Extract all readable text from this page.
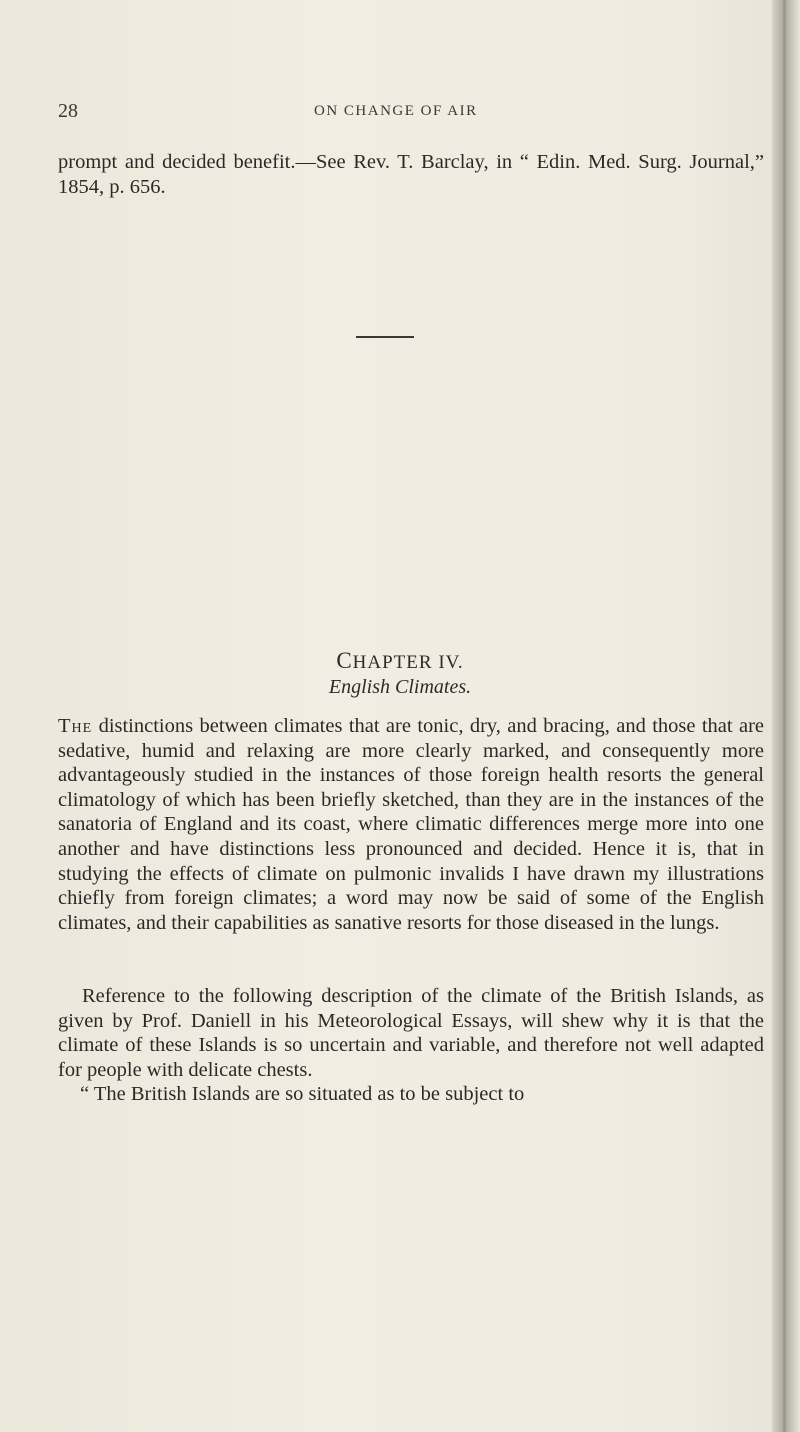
28	ON CHANGE OF AIR
prompt and decided benefit.—See Rev. T. Barclay, in “ Edin. Med. Surg. Journal,” 1854, p. 656.
CHAPTER IV.
English Climates.
The distinctions between climates that are tonic, dry, and bracing, and those that are sedative, humid and relaxing are more clearly marked, and consequently more advantageously studied in the instances of those foreign health resorts the general climatology of which has been briefly sketched, than they are in the instances of the sanatoria of England and its coast, where climatic differences merge more into one another and have distinctions less pronounced and decided. Hence it is, that in studying the effects of climate on pulmonic invalids I have drawn my illustrations chiefly from foreign climates; a word may now be said of some of the English climates, and their capabilities as sanative resorts for those diseased in the lungs.
Reference to the following description of the climate of the British Islands, as given by Prof. Daniell in his Meteorological Essays, will shew why it is that the climate of these Islands is so uncertain and variable, and therefore not well adapted for people with delicate chests.
“ The British Islands are so situated as to be subject to
